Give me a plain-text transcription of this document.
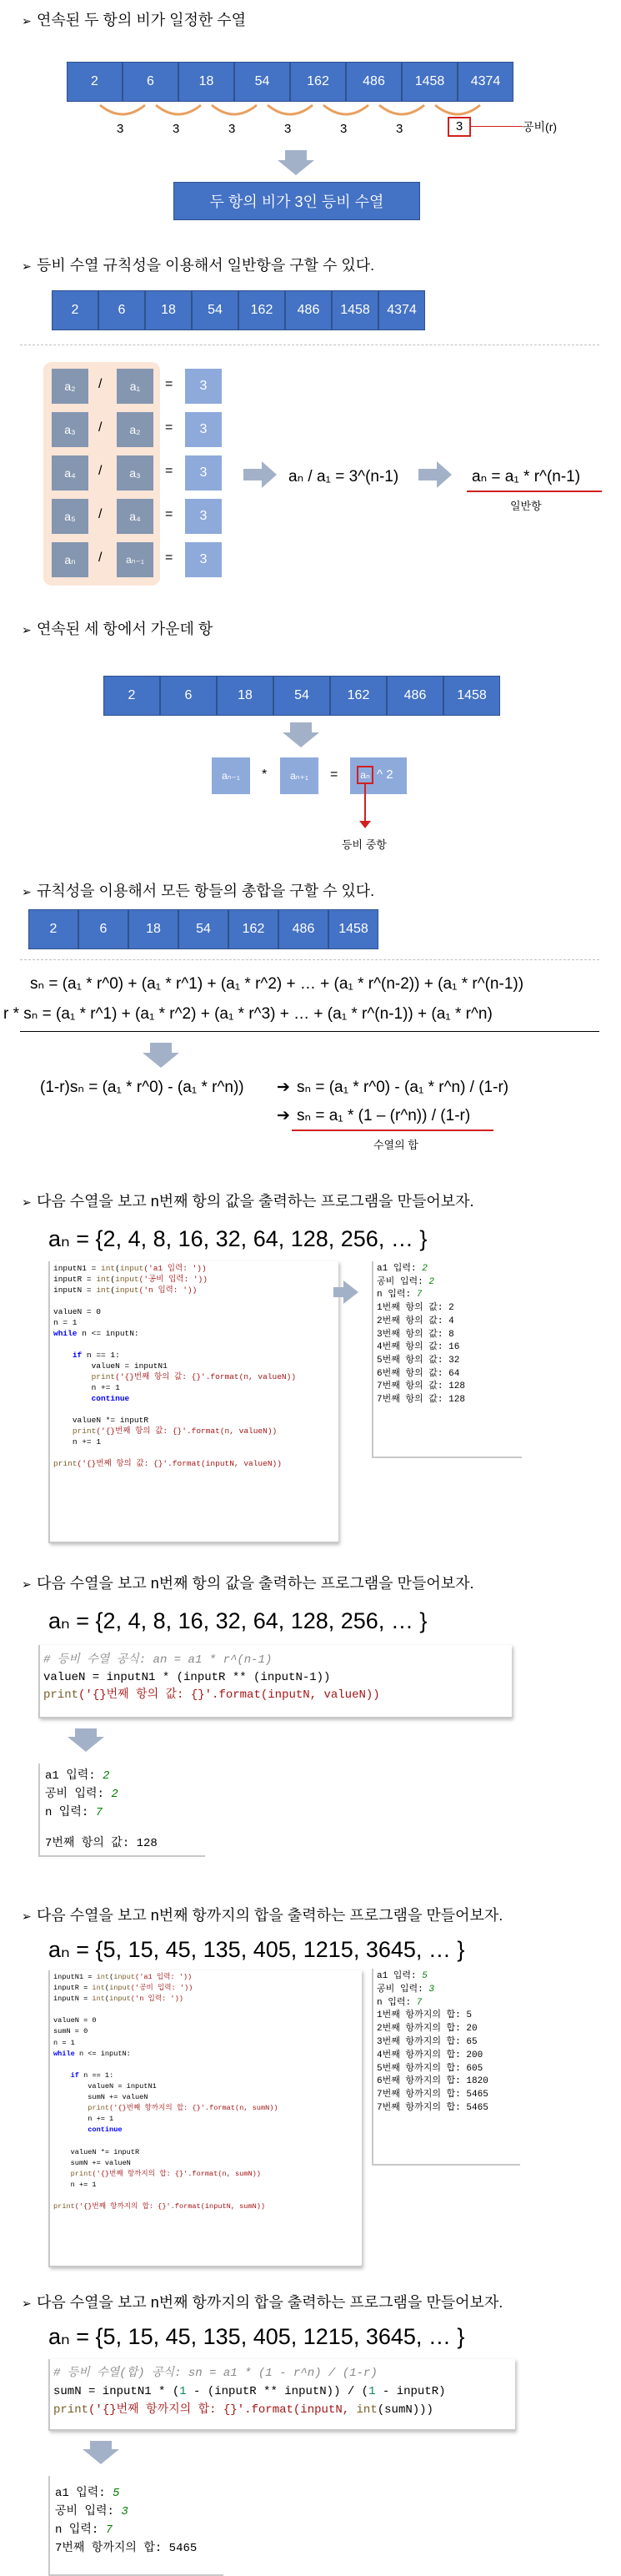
➢ 연속된 두 항의 비가 일정한 수열
2	6	18	54	162	486	1458	4374
3	3	3	3	3	3	3	공비(r)
두 항의 비가 3인 등비 수열
➢ 등비 수열 규칙성을 이용해서 일반항을 구할 수 있다.
2	6	18	54	162	486	1458	4374
a₂	/	a₁	=	3
a₃	/	a₂	=	3
a₄	/	a₃	=	3
a₅	/	a₄	=	3
aₙ	/	aₙ₋₁	=	3
aₙ / a₁ = 3^(n-1)	aₙ = a₁ * r^(n-1)
일반항
➢ 연속된 세 항에서 가운데 항
2	6	18	54	162	486	1458
aₙ₋₁	*	aₙ₊₁	=	aₙ ^ 2
등비 중항
➢ 규칙성을 이용해서 모든 항들의 총합을 구할 수 있다.
2	6	18	54	162	486	1458
sₙ = (a₁ * r^0) + (a₁ * r^1) + (a₁ * r^2) + … + (a₁ * r^(n-2)) + (a₁ * r^(n-1))
r * sₙ = (a₁ * r^1) + (a₁ * r^2) + (a₁ * r^3) + … + (a₁ * r^(n-1)) + (a₁ * r^n)
(1-r)sₙ = (a₁ * r^0) - (a₁ * r^n)) ➔ sₙ = (a₁ * r^0) - (a₁ * r^n) / (1-r)
➔ sₙ = a₁ * (1 – (r^n)) / (1-r)
수열의 합
➢ 다음 수열을 보고 n번째 항의 값을 출력하는 프로그램을 만들어보자.
aₙ = {2, 4, 8, 16, 32, 64, 128, 256, … }
inputN1 = int(input('a1 입력: '))
inputR = int(input('공비 입력: '))
inputN = int(input('n 입력: '))

valueN = 0
n = 1
while n <= inputN:

if n == 1:
valueN = inputN1
print('{}번째 항의 값: {}'.format(n, valueN))
n += 1
continue

valueN *= inputR
print('{}번째 항의 값: {}'.format(n, valueN))
n += 1

print('{}번째 항의 값: {}'.format(inputN, valueN))
a1 입력: 2
공비 입력: 2
n 입력: 7
1번째 항의 값: 2
2번째 항의 값: 4
3번째 항의 값: 8
4번째 항의 값: 16
5번째 항의 값: 32
6번째 항의 값: 64
7번째 항의 값: 128
7번째 항의 값: 128
➢ 다음 수열을 보고 n번째 항의 값을 출력하는 프로그램을 만들어보자.
aₙ = {2, 4, 8, 16, 32, 64, 128, 256, … }
# 등비 수열 공식: an = a1 * r^(n-1)
valueN = inputN1 * (inputR ** (inputN-1))
print('{}번째 항의 값: {}'.format(inputN, valueN))
a1 입력: 2
공비 입력: 2
n 입력: 7
7번째 항의 값: 128
➢ 다음 수열을 보고 n번째 항까지의 합을 출력하는 프로그램을 만들어보자.
aₙ = {5, 15, 45, 135, 405, 1215, 3645, … }
inputN1 = int(input('a1 입력: '))
inputR = int(input('공비 입력: '))
inputN = int(input('n 입력: '))

valueN = 0
sumN = 0
n = 1
while n <= inputN:

if n == 1:
valueN = inputN1
sumN += valueN
print('{}번째 항까지의 합: {}'.format(n, sumN))
n += 1
continue

valueN *= inputR
sumN += valueN
print('{}번째 항까지의 합: {}'.format(n, sumN))
n += 1

print('{}번째 항까지의 합: {}'.format(inputN, sumN))
a1 입력: 5
공비 입력: 3
n 입력: 7
1번째 항까지의 합: 5
2번째 항까지의 합: 20
3번째 항까지의 합: 65
4번째 항까지의 합: 200
5번째 항까지의 합: 605
6번째 항까지의 합: 1820
7번째 항까지의 합: 5465
7번째 항까지의 합: 5465
➢ 다음 수열을 보고 n번째 항까지의 합을 출력하는 프로그램을 만들어보자.
aₙ = {5, 15, 45, 135, 405, 1215, 3645, … }
# 등비 수열(합) 공식: sn = a1 * (1 - r^n) / (1-r)
sumN = inputN1 * (1 - (inputR ** inputN)) / (1 - inputR)
print('{}번째 항까지의 합: {}'.format(inputN, int(sumN)))
a1 입력: 5
공비 입력: 3
n 입력: 7
7번째 항까지의 합: 5465
